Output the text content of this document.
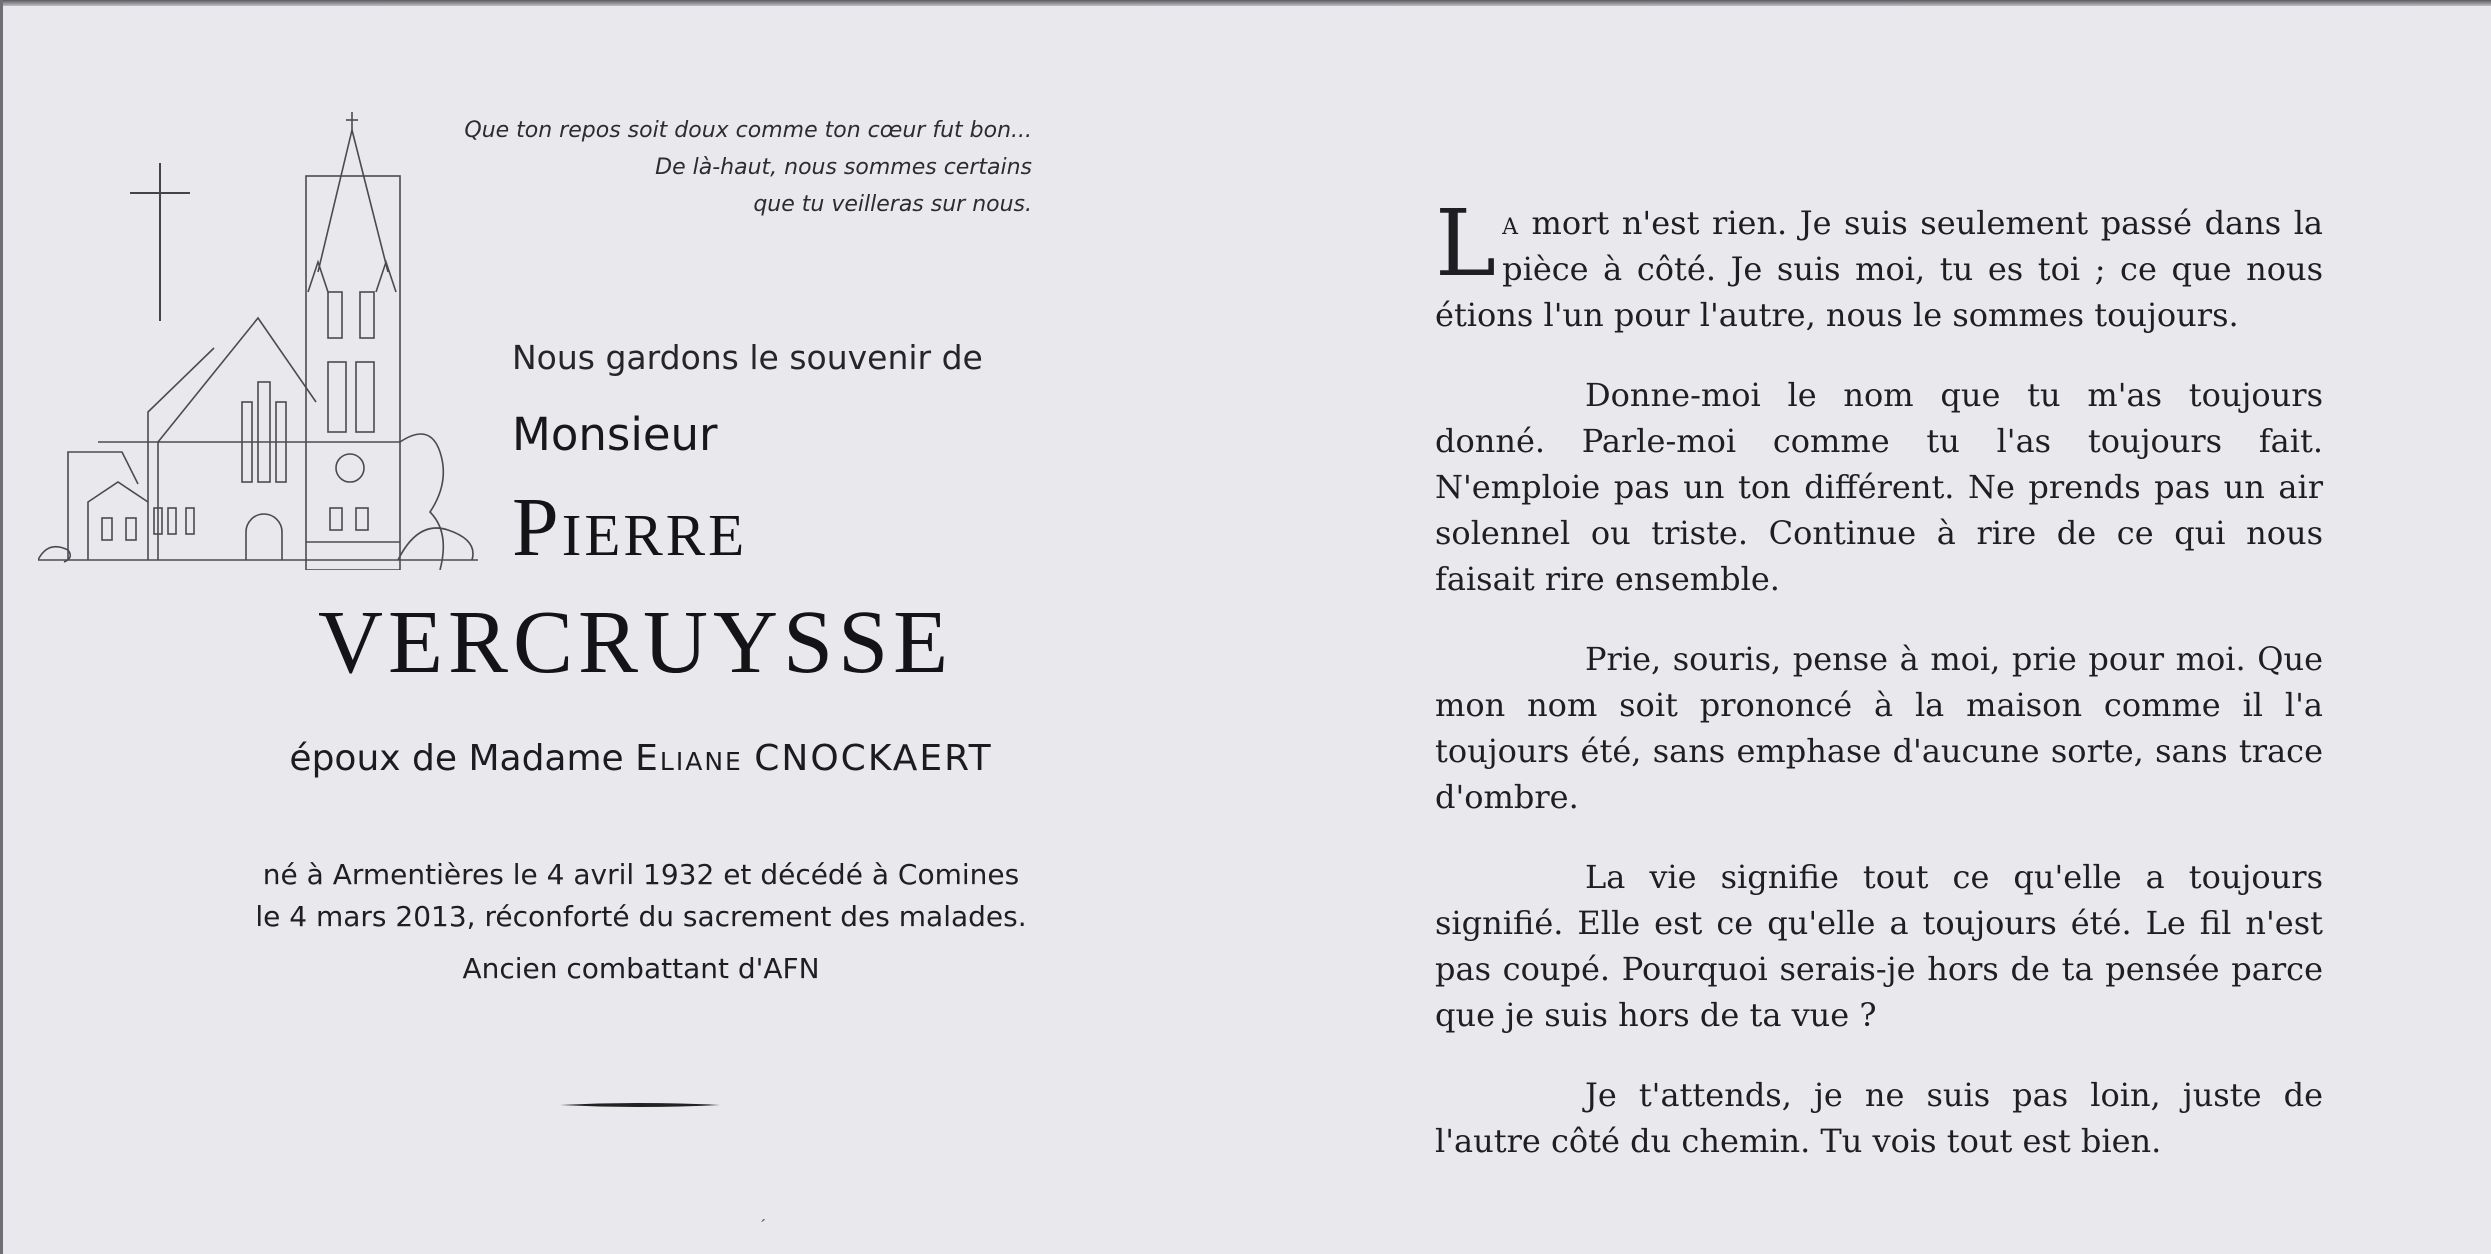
Que ton repos soit doux comme ton cœur fut bon...
De là-haut, nous sommes certains
que tu veilleras sur nous.
Nous gardons le souvenir de
Monsieur
Pierre
VERCRUYSSE
époux de Madame Eliane CNOCKAERT
né à Armentières le 4 avril 1932 et décédé à Comines
le 4 mars 2013, réconforté du sacrement des malades.
Ancien combattant d'AFN

La mort n'est rien. Je suis seulement passé dans la pièce à côté. Je suis moi, tu es toi ; ce que nous étions l'un pour l'autre, nous le sommes toujours.

Donne-moi le nom que tu m'as toujours donné. Parle-moi comme tu l'as toujours fait. N'emploie pas un ton différent. Ne prends pas un air solennel ou triste. Continue à rire de ce qui nous faisait rire ensemble.

Prie, souris, pense à moi, prie pour moi. Que mon nom soit prononcé à la maison comme il l'a toujours été, sans emphase d'aucune sorte, sans trace d'ombre.

La vie signifie tout ce qu'elle a toujours signifié. Elle est ce qu'elle a toujours été. Le fil n'est pas coupé. Pourquoi serais-je hors de ta pensée parce que je suis hors de ta vue ?

Je t'attends, je ne suis pas loin, juste de l'autre côté du chemin. Tu vois tout est bien.

´
